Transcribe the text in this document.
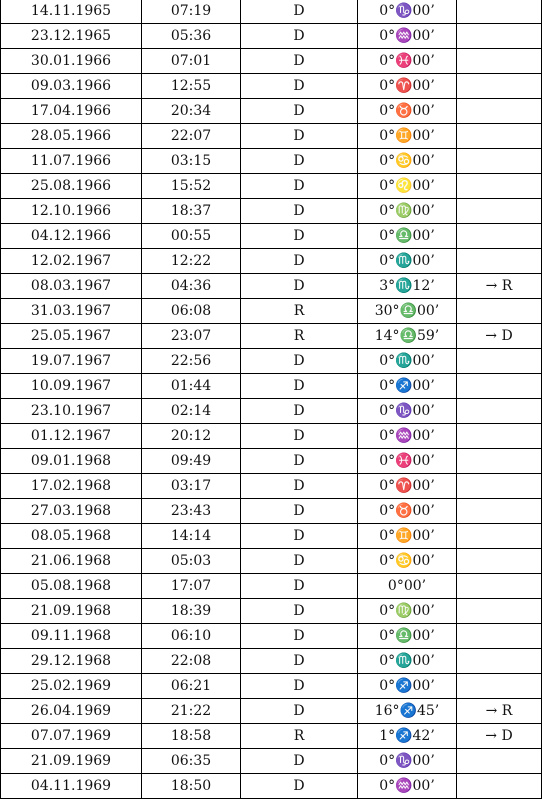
14.11.1965	07:19	D	0°♑00’	
23.12.1965	05:36	D	0°♒00’	
30.01.1966	07:01	D	0°♓00’	
09.03.1966	12:55	D	0°♈00’	
17.04.1966	20:34	D	0°♉00’	
28.05.1966	22:07	D	0°♊00’	
11.07.1966	03:15	D	0°♋00’	
25.08.1966	15:52	D	0°♌00’	
12.10.1966	18:37	D	0°♍00’	
04.12.1966	00:55	D	0°♎00’	
12.02.1967	12:22	D	0°♏00’	
08.03.1967	04:36	D	3°♏12’	→ R
31.03.1967	06:08	R	30°♎00’	
25.05.1967	23:07	R	14°♎59’	→ D
19.07.1967	22:56	D	0°♏00’	
10.09.1967	01:44	D	0°♐00’	
23.10.1967	02:14	D	0°♑00’	
01.12.1967	20:12	D	0°♒00’	
09.01.1968	09:49	D	0°♓00’	
17.02.1968	03:17	D	0°♈00’	
27.03.1968	23:43	D	0°♉00’	
08.05.1968	14:14	D	0°♊00’	
21.06.1968	05:03	D	0°♋00’	
05.08.1968	17:07	D	0°00’	
21.09.1968	18:39	D	0°♍00’	
09.11.1968	06:10	D	0°♎00’	
29.12.1968	22:08	D	0°♏00’	
25.02.1969	06:21	D	0°♐00’	
26.04.1969	21:22	D	16°♐45’	→ R
07.07.1969	18:58	R	1°♐42’	→ D
21.09.1969	06:35	D	0°♑00’	
04.11.1969	18:50	D	0°♒00’	
